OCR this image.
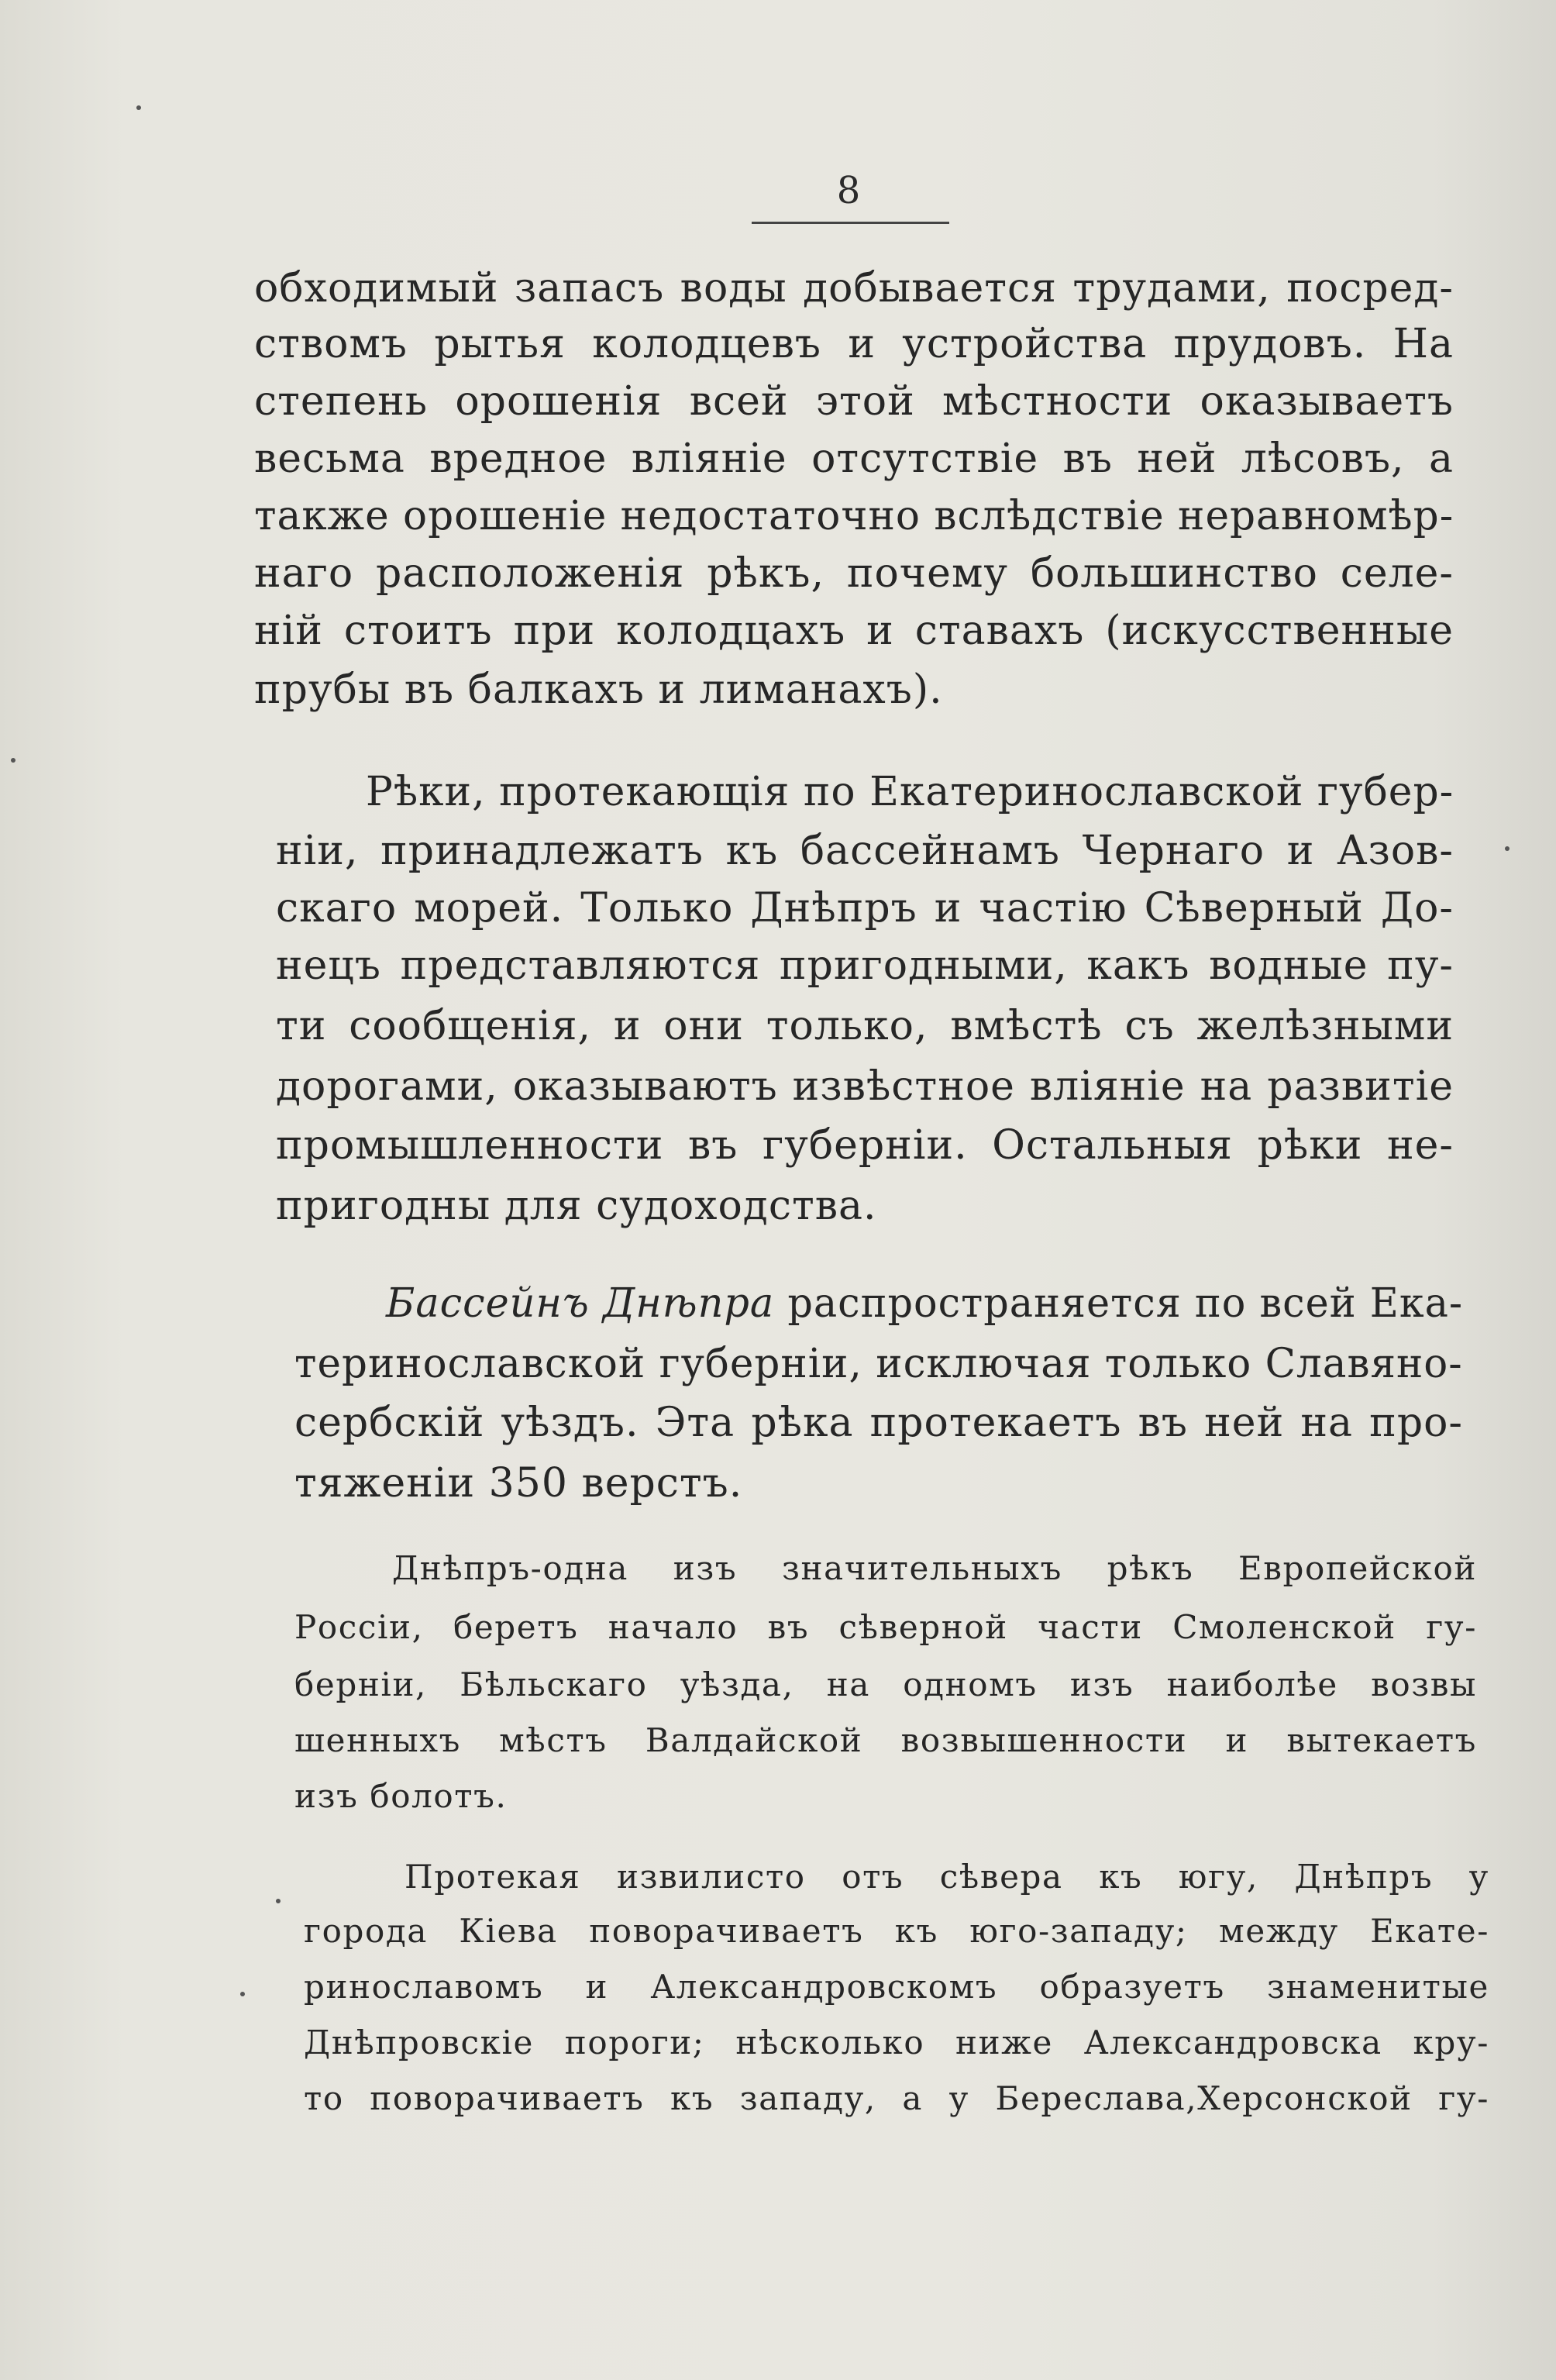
8

обходимый запасъ воды добывается трудами, посред-

ствомъ рытья колодцевъ и устройства прудовъ. На

степень орошенія всей этой мѣстности оказываетъ

весьма вредное вліяніе отсутствіе въ ней лѣсовъ, а

также орошеніе недостаточно вслѣдствіе неравномѣр-

наго расположенія рѣкъ, почему большинство селе-

ній стоитъ при колодцахъ и ставахъ (искусственные

прубы въ балкахъ и лиманахъ).

Рѣки, протекающія по Екатеринославской губер-

ніи, принадлежатъ къ бассейнамъ Чернаго и Азов-

скаго морей. Только Днѣпръ и частію Сѣверный До-

нецъ представляются пригодными, какъ водные пу-

ти сообщенія, и они только, вмѣстѣ съ желѣзными

дорогами, оказываютъ извѣстное вліяніе на развитіе

промышленности въ губерніи. Остальныя рѣки не-

пригодны для судоходства.

Бассейнъ Днѣпра распространяется по всей Ека-

теринославской губерніи, исключая только Славяно-

сербскій уѣздъ. Эта рѣка протекаетъ въ ней на про-

тяженіи 350 верстъ.

Днѣпръ-одна изъ значительныхъ рѣкъ Европейской

Россіи, беретъ начало въ сѣверной части Смоленской гу-

берніи, Бѣльскаго уѣзда, на одномъ изъ наиболѣе возвы

шенныхъ мѣстъ Валдайской возвышенности и вытекаетъ

изъ болотъ.

Протекая извилисто отъ сѣвера къ югу, Днѣпръ у

города Кіева поворачиваетъ къ юго-западу; между Екате-

ринославомъ и Александровскомъ образуетъ знаменитые

Днѣпровскіе пороги; нѣсколько ниже Александровска кру-

то поворачиваетъ къ западу, а у Берeслава,Херсонской гу-
